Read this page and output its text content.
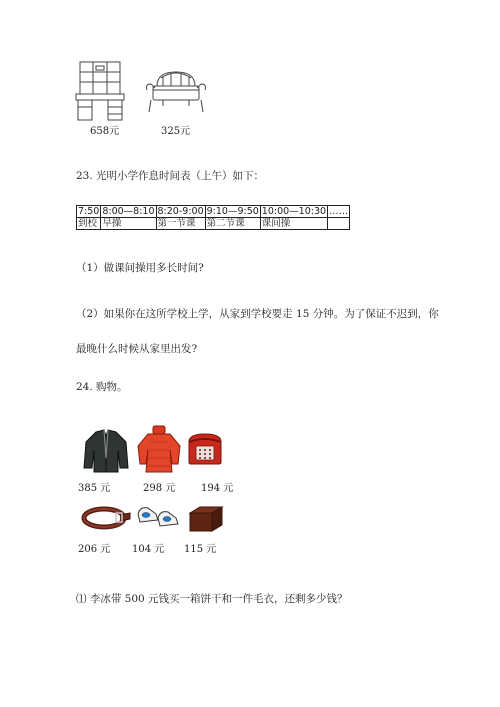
658元	325元
23. 光明小学作息时间表（上午）如下：
7:50	8:00—8:10	8:20-9:00	9:10—9:50	10:00—10:30	……
到校	早操	第一节课	第二节课	课间操	
（1）做课间操用多长时间?
（2）如果你在这所学校上学，从家到学校要走 15 分钟。为了保证不迟到，你
最晚什么时候从家里出发?
24. 购物。
385 元	298 元	194 元
206 元 104 元 115 元
⑴ 李冰带 500 元钱买一箱饼干和一件毛衣，还剩多少钱？
